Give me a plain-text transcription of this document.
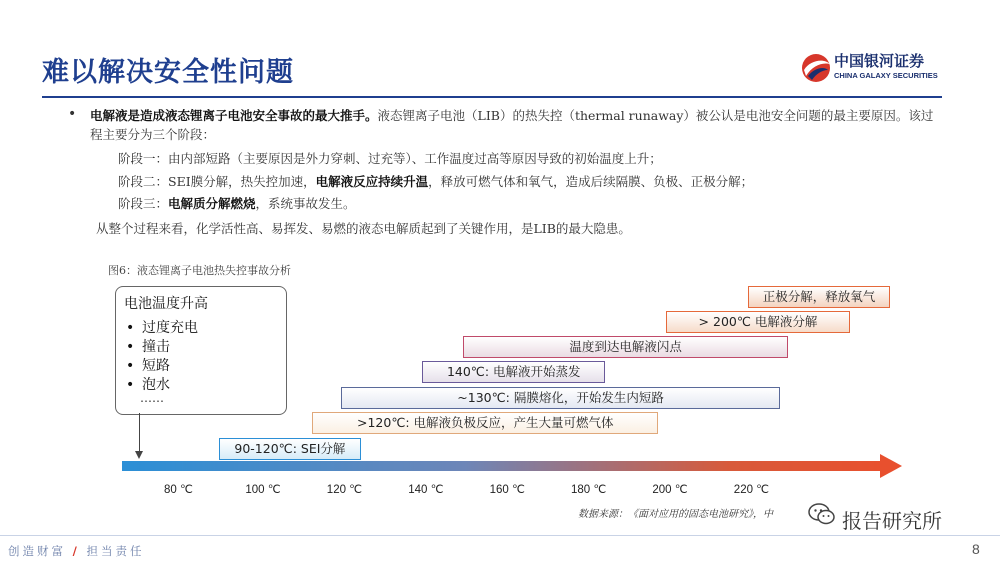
难以解决安全性问题	中国银河证券
CHINA GALAXY SECURITIES
• 电解液是造成液态锂离子电池安全事故的最大推手。液态锂离子电池（LIB）的热失控（thermal runaway）被公认是电池安全问题的最主要原因。该过程主要分为三个阶段：
阶段一：由内部短路（主要原因是外力穿刺、过充等）、工作温度过高等原因导致的初始温度上升；
阶段二：SEI膜分解，热失控加速，电解液反应持续升温，释放可燃气体和氧气，造成后续隔膜、负极、正极分解；
阶段三：电解质分解燃烧，系统事故发生。
从整个过程来看，化学活性高、易挥发、易燃的液态电解质起到了关键作用，是LIB的最大隐患。
图6：液态锂离子电池热失控事故分析
电池温度升高
• 过度充电
• 撞击
• 短路
• 泡水
……
正极分解，释放氧气
> 200℃ 电解液分解
温度到达电解液闪点
140℃: 电解液开始蒸发
~130℃: 隔膜熔化，开始发生内短路
>120℃: 电解液负极反应，产生大量可燃气体
90-120℃: SEI分解
80 ℃	100 ℃	120 ℃	140 ℃	160 ℃	180 ℃	200 ℃	220 ℃
数据来源：《面对应用的固态电池研究》，中	报告研究所
创造财富 / 担当责任	8
